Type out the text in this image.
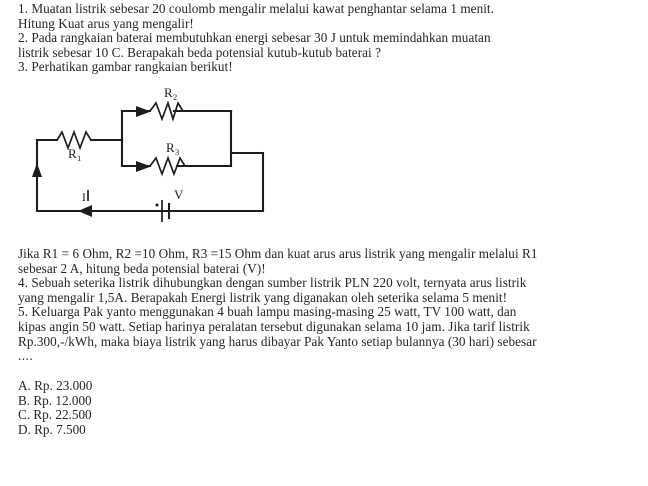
1. Muatan listrik sebesar 20 coulomb mengalir melalui kawat penghantar selama 1 menit.

Hitung Kuat arus yang mengalir!

2. Pada rangkaian baterai membutuhkan energi sebesar 30 J untuk memindahkan muatan

listrik sebesar 10 C. Berapakah beda potensial kutub-kutub baterai ?

3. Perhatikan gambar rangkaian berikut!

R 1
R 2
R 3
V
I

Jika R1 = 6 Ohm, R2 =10 Ohm, R3 =15 Ohm dan kuat arus arus listrik yang mengalir melalui R1

sebesar 2 A, hitung beda potensial baterai (V)!

4. Sebuah seterika listrik dihubungkan dengan sumber listrik PLN 220 volt, ternyata arus listrik

yang mengalir 1,5A. Berapakah Energi listrik yang diganakan oleh seterika selama 5 menit!

5. Keluarga Pak yanto menggunakan 4 buah lampu masing-masing 25 watt, TV 100 watt, dan

kipas angin 50 watt. Setiap harinya peralatan tersebut digunakan selama 10 jam. Jika tarif listrik

Rp.300,-/kWh, maka biaya listrik yang harus dibayar Pak Yanto setiap bulannya (30 hari) sebesar

....

A. Rp. 23.000

B. Rp. 12.000

C. Rp. 22.500

D. Rp. 7.500
